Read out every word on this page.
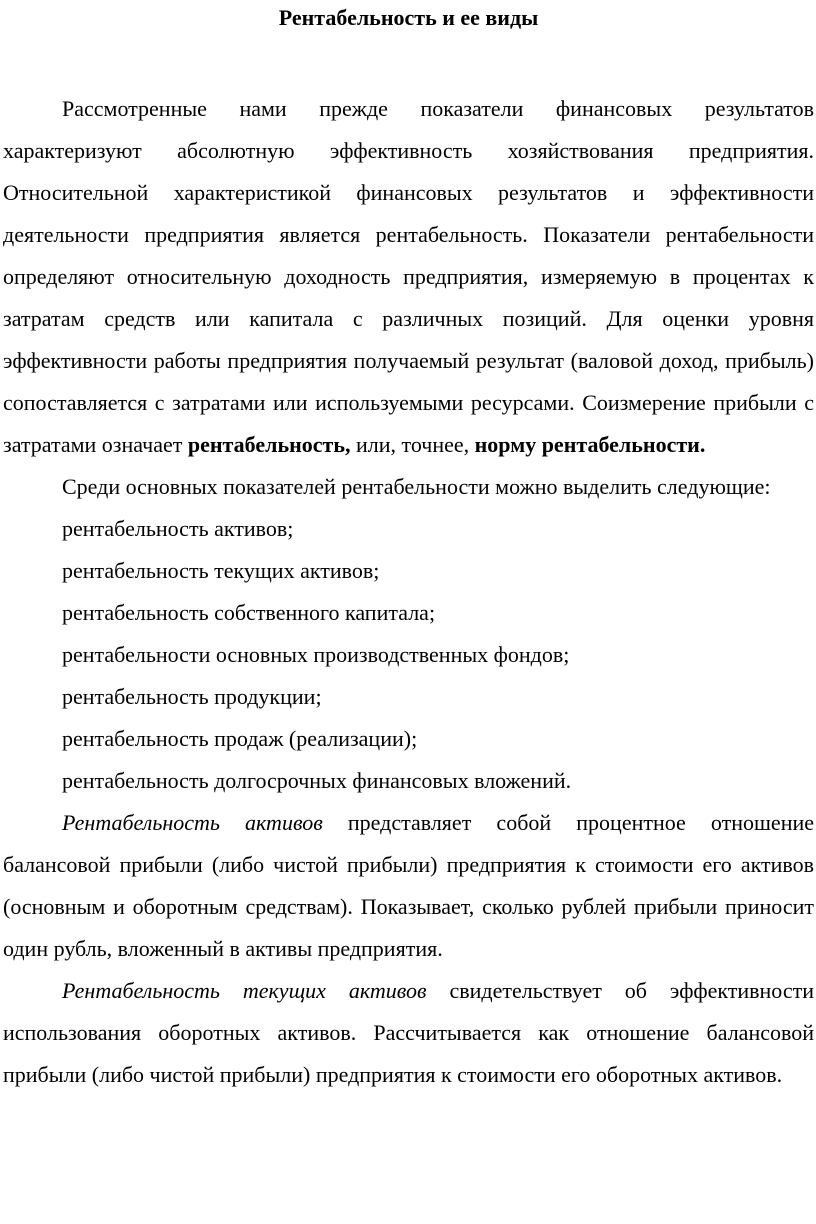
Рентабельность и ее виды

Рассмотренные нами прежде показатели финансовых результатов характеризуют абсолютную эффективность хозяйствования предприятия. Относительной характеристикой финансовых результатов и эффективности деятельности предприятия является рентабельность. Показатели рентабельности определяют относительную доходность предприятия, измеряемую в процентах к затратам средств или капитала с различных позиций. Для оценки уровня эффективности работы предприятия получаемый результат (валовой доход, прибыль) сопоставляется с затратами или используемыми ресурсами. Соизмерение прибыли с затратами означает рентабельность, или, точнее, норму рентабельности.

Среди основных показателей рентабельности можно выделить следующие:

рентабельность активов;

рентабельность текущих активов;

рентабельность собственного капитала;

рентабельности основных производственных фондов;

рентабельность продукции;

рентабельность продаж (реализации);

рентабельность долгосрочных финансовых вложений.

Рентабельность активов представляет собой процентное отношение балансовой прибыли (либо чистой прибыли) предприятия к стоимости его активов (основным и оборотным средствам). Показывает, сколько рублей прибыли приносит один рубль, вложенный в активы предприятия.

Рентабельность текущих активов свидетельствует об эффективности использования оборотных активов. Рассчитывается как отношение балансовой прибыли (либо чистой прибыли) предприятия к стоимости его оборотных активов.
